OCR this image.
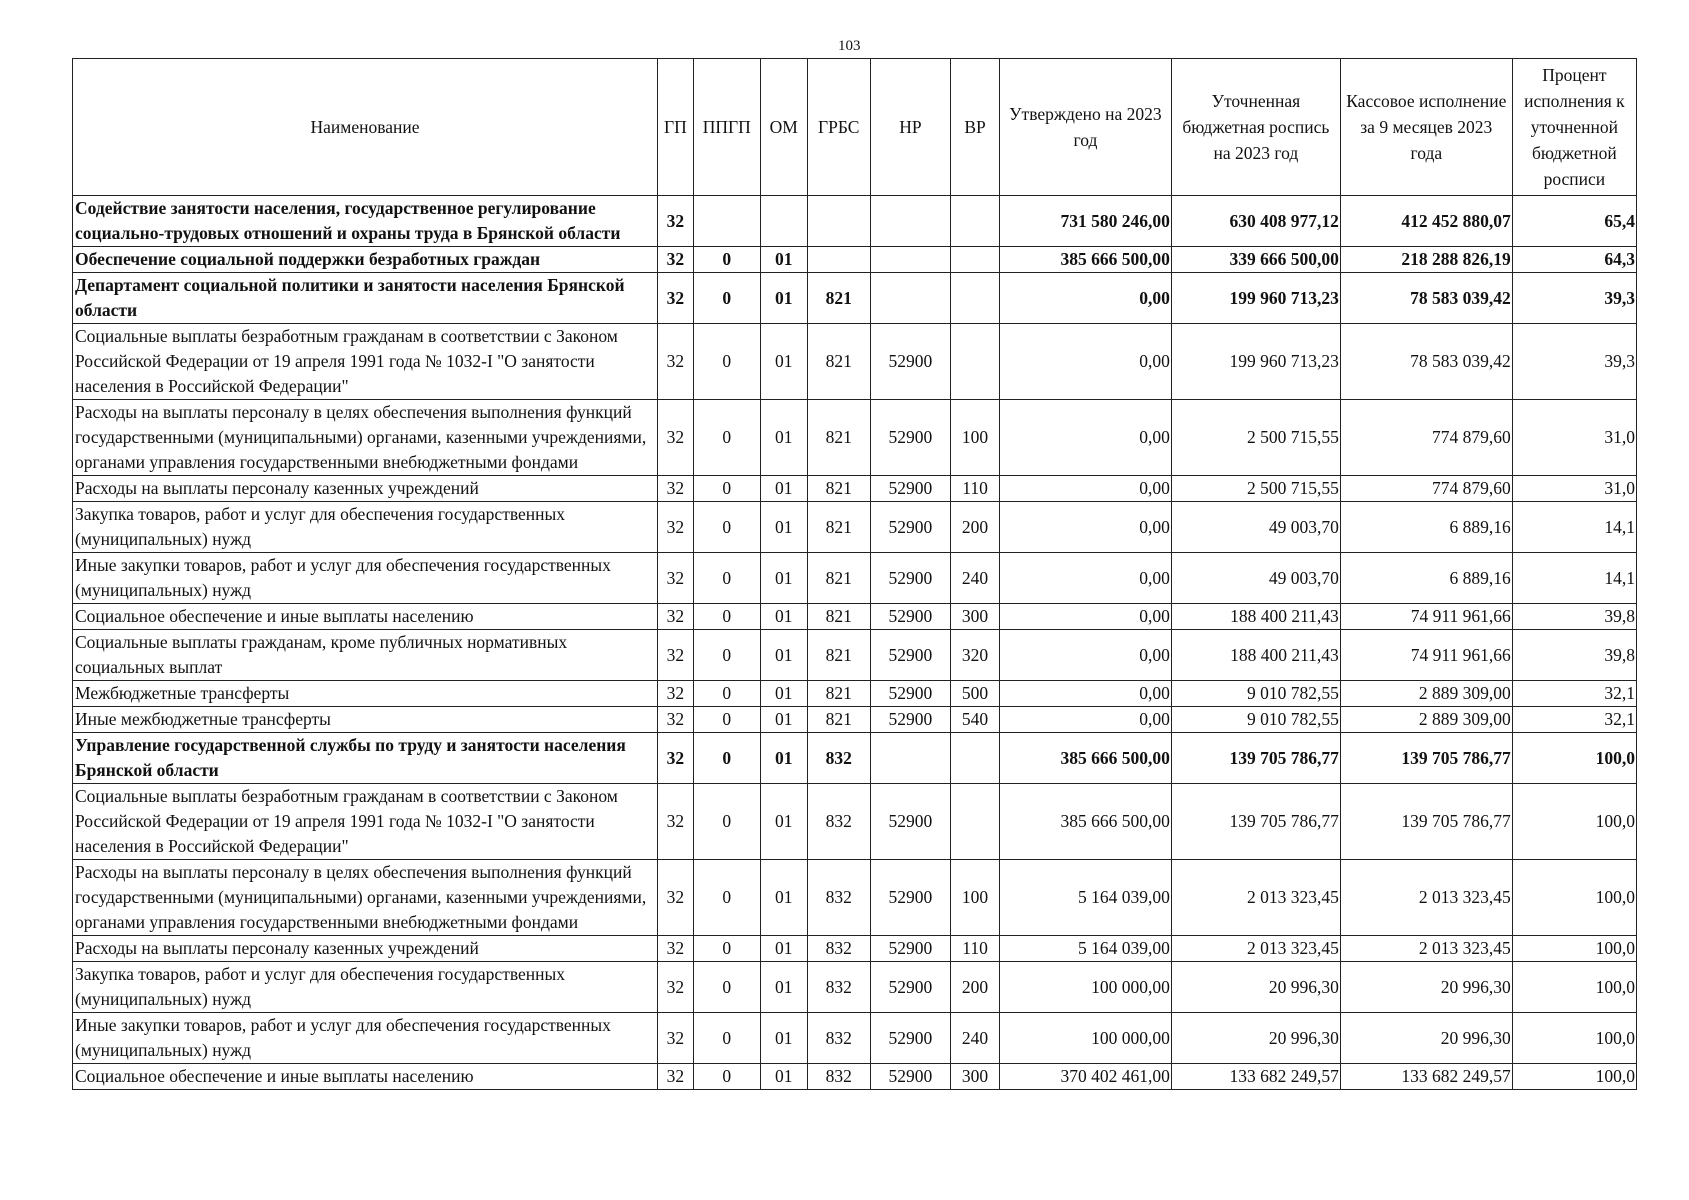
103
Наименование	ГП	ППГП	ОМ	ГРБС	НР	ВР	Утверждено на 2023 год	Уточненная бюджетная роспись на 2023 год	Кассовое исполнение за 9 месяцев 2023 года	Процент исполнения к уточненной бюджетной росписи
Содействие занятости населения, государственное регулирование социально-трудовых отношений и охраны труда в Брянской области	32						731 580 246,00	630 408 977,12	412 452 880,07	65,4
Обеспечение социальной поддержки безработных граждан	32	0	01				385 666 500,00	339 666 500,00	218 288 826,19	64,3
Департамент социальной политики и занятости населения Брянской области	32	0	01	821			0,00	199 960 713,23	78 583 039,42	39,3
Социальные выплаты безработным гражданам в соответствии с Законом Российской Федерации от 19 апреля 1991 года № 1032-I "О занятости населения в Российской Федерации"	32	0	01	821	52900		0,00	199 960 713,23	78 583 039,42	39,3
Расходы на выплаты персоналу в целях обеспечения выполнения функций государственными (муниципальными) органами, казенными учреждениями, органами управления государственными внебюджетными фондами	32	0	01	821	52900	100	0,00	2 500 715,55	774 879,60	31,0
Расходы на выплаты персоналу казенных учреждений	32	0	01	821	52900	110	0,00	2 500 715,55	774 879,60	31,0
Закупка товаров, работ и услуг для обеспечения государственных (муниципальных) нужд	32	0	01	821	52900	200	0,00	49 003,70	6 889,16	14,1
Иные закупки товаров, работ и услуг для обеспечения государственных (муниципальных) нужд	32	0	01	821	52900	240	0,00	49 003,70	6 889,16	14,1
Социальное обеспечение и иные выплаты населению	32	0	01	821	52900	300	0,00	188 400 211,43	74 911 961,66	39,8
Социальные выплаты гражданам, кроме публичных нормативных социальных выплат	32	0	01	821	52900	320	0,00	188 400 211,43	74 911 961,66	39,8
Межбюджетные трансферты	32	0	01	821	52900	500	0,00	9 010 782,55	2 889 309,00	32,1
Иные межбюджетные трансферты	32	0	01	821	52900	540	0,00	9 010 782,55	2 889 309,00	32,1
Управление государственной службы по труду и занятости населения Брянской области	32	0	01	832			385 666 500,00	139 705 786,77	139 705 786,77	100,0
Социальные выплаты безработным гражданам в соответствии с Законом Российской Федерации от 19 апреля 1991 года № 1032-I "О занятости населения в Российской Федерации"	32	0	01	832	52900		385 666 500,00	139 705 786,77	139 705 786,77	100,0
Расходы на выплаты персоналу в целях обеспечения выполнения функций государственными (муниципальными) органами, казенными учреждениями, органами управления государственными внебюджетными фондами	32	0	01	832	52900	100	5 164 039,00	2 013 323,45	2 013 323,45	100,0
Расходы на выплаты персоналу казенных учреждений	32	0	01	832	52900	110	5 164 039,00	2 013 323,45	2 013 323,45	100,0
Закупка товаров, работ и услуг для обеспечения государственных (муниципальных) нужд	32	0	01	832	52900	200	100 000,00	20 996,30	20 996,30	100,0
Иные закупки товаров, работ и услуг для обеспечения государственных (муниципальных) нужд	32	0	01	832	52900	240	100 000,00	20 996,30	20 996,30	100,0
Социальное обеспечение и иные выплаты населению	32	0	01	832	52900	300	370 402 461,00	133 682 249,57	133 682 249,57	100,0
